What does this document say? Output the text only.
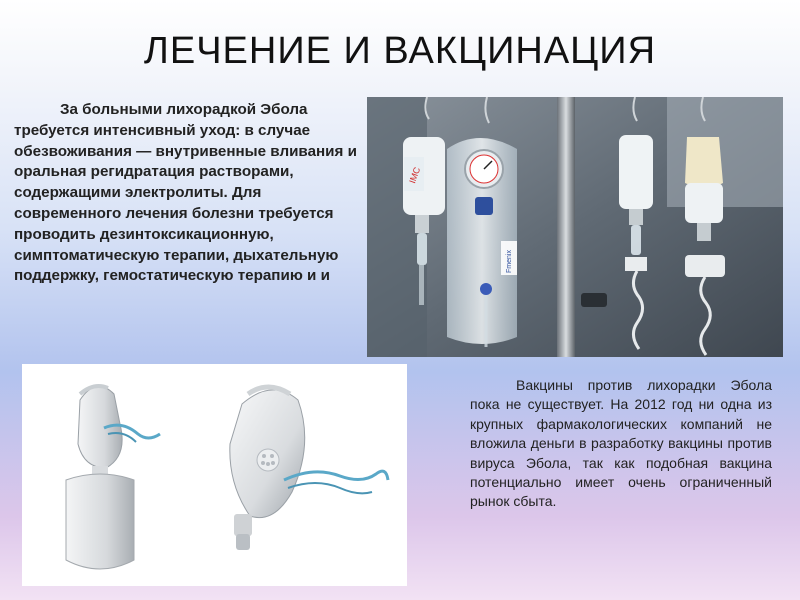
ЛЕЧЕНИЕ И ВАКЦИНАЦИЯ

За больными лихорадкой Эбола требуется интенсивный уход: в случае обезвоживания — внутривенные вливания и оральная регидратация растворами, содержащими электролиты. Для современного лечения болезни требуется проводить дезинтоксикационную, симптоматическую терапии, дыхательную поддержку, гемостатическую терапию и и

IMC
Fmenix

Вакцины против лихорадки Эбола пока не существует. На 2012 год ни одна из крупных фармакологических компаний не вложила деньги в разработку вакцины против вируса Эбола, так как подобная вакцина потенциально имеет очень ограниченный рынок сбыта.
